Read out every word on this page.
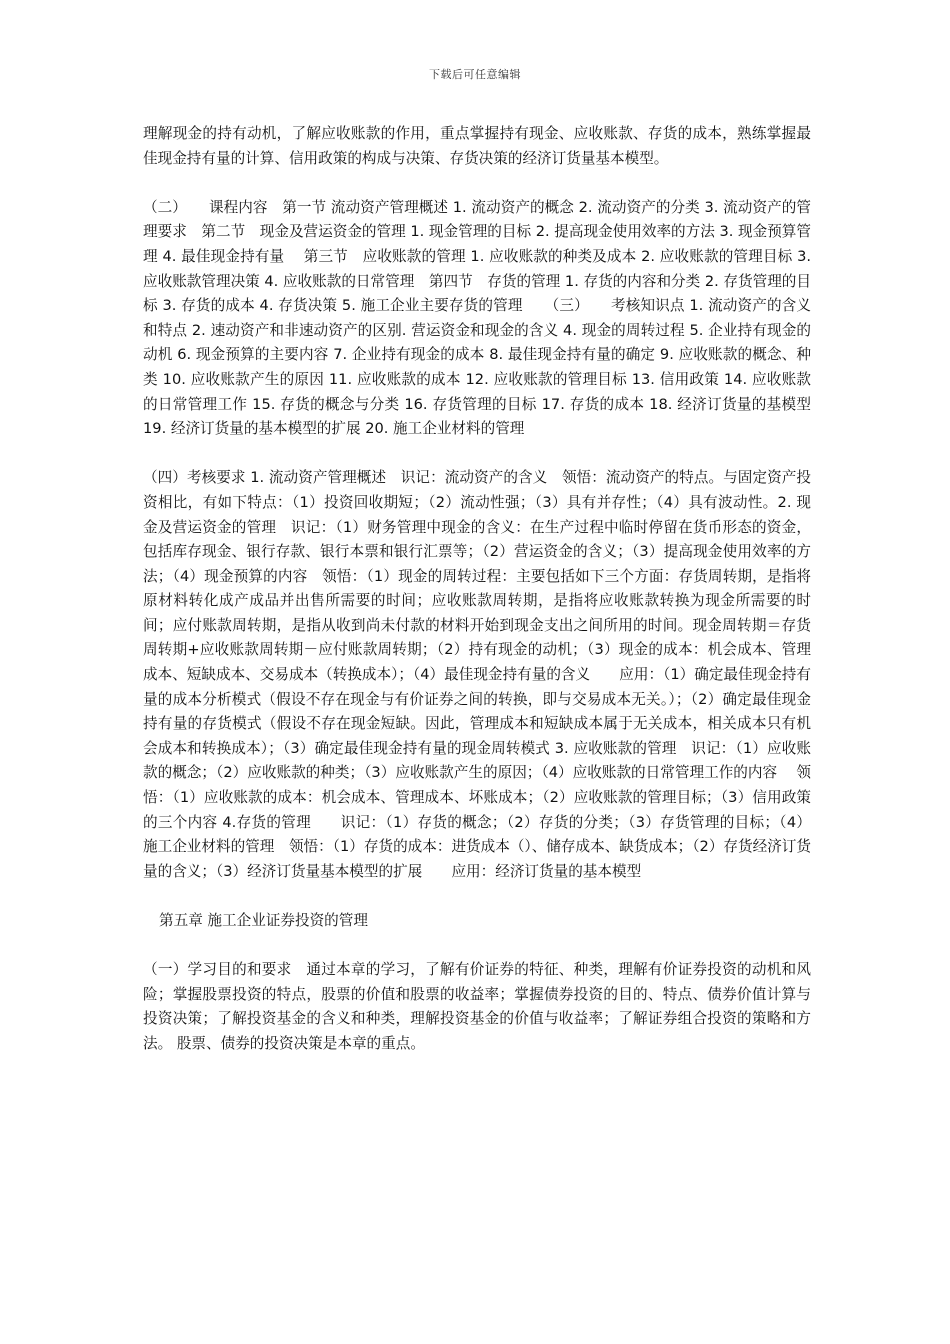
下载后可任意编辑

理解现金的持有动机，了解应收账款的作用，重点掌握持有现金、应收账款、存货的成本，熟练掌握最佳现金持有量的计算、信用政策的构成与决策、存货决策的经济订货量基本模型。

（二）　　课程内容　第一节 流动资产管理概述 1. 流动资产的概念 2. 流动资产的分类 3. 流动资产的管理要求　第二节　现金及营运资金的管理 1. 现金管理的目标 2. 提高现金使用效率的方法 3. 现金预算管理 4. 最佳现金持有量　 第三节　应收账款的管理 1. 应收账款的种类及成本 2. 应收账款的管理目标 3. 应收账款管理决策 4. 应收账款的日常管理　第四节　存货的管理 1. 存货的内容和分类 2. 存货管理的目标 3. 存货的成本 4. 存货决策 5. 施工企业主要存货的管理　　（三）　　考核知识点 1. 流动资产的含义和特点 2. 速动资产和非速动资产的区别. 营运资金和现金的含义 4. 现金的周转过程 5. 企业持有现金的动机 6. 现金预算的主要内容 7. 企业持有现金的成本 8. 最佳现金持有量的确定 9. 应收账款的概念、种类 10. 应收账款产生的原因 11. 应收账款的成本 12. 应收账款的管理目标 13. 信用政策 14. 应收账款的日常管理工作 15. 存货的概念与分类 16. 存货管理的目标 17. 存货的成本 18. 经济订货量的基模型 19. 经济订货量的基本模型的扩展 20. 施工企业材料的管理

（四）考核要求 1. 流动资产管理概述　识记：流动资产的含义　领悟：流动资产的特点。与固定资产投资相比，有如下特点：（1）投资回收期短；（2）流动性强；（3）具有并存性；（4）具有波动性。2. 现金及营运资金的管理　识记：（1）财务管理中现金的含义：在生产过程中临时停留在货币形态的资金，包括库存现金、银行存款、银行本票和银行汇票等；（2）营运资金的含义；（3）提高现金使用效率的方法；（4）现金预算的内容　领悟：（1）现金的周转过程：主要包括如下三个方面：存货周转期，是指将原材料转化成产成品并出售所需要的时间；应收账款周转期，是指将应收账款转换为现金所需要的时间；应付账款周转期，是指从收到尚未付款的材料开始到现金支出之间所用的时间。现金周转期＝存货周转期+应收账款周转期－应付账款周转期；（2）持有现金的动机；（3）现金的成本：机会成本、管理成本、短缺成本、交易成本（转换成本）；（4）最佳现金持有量的含义　　应用：（1）确定最佳现金持有量的成本分析模式（假设不存在现金与有价证券之间的转换，即与交易成本无关。）；（2）确定最佳现金持有量的存货模式（假设不存在现金短缺。因此，管理成本和短缺成本属于无关成本，相关成本只有机会成本和转换成本）；（3）确定最佳现金持有量的现金周转模式 3. 应收账款的管理　识记：（1）应收账款的概念；（2）应收账款的种类；（3）应收账款产生的原因；（4）应收账款的日常管理工作的内容　 领悟：（1）应收账款的成本：机会成本、管理成本、坏账成本；（2）应收账款的管理目标；（3）信用政策的三个内容 4.存货的管理　　识记：（1）存货的概念；（2）存货的分类；（3）存货管理的目标；（4）施工企业材料的管理　领悟：（1）存货的成本：进货成本（）、储存成本、缺货成本；（2）存货经济订货量的含义；（3）经济订货量基本模型的扩展　　应用：经济订货量的基本模型

第五章 施工企业证券投资的管理

（一）学习目的和要求　通过本章的学习，了解有价证券的特征、种类，理解有价证券投资的动机和风险；掌握股票投资的特点，股票的价值和股票的收益率；掌握债券投资的目的、特点、债券价值计算与投资决策；了解投资基金的含义和种类，理解投资基金的价值与收益率；了解证券组合投资的策略和方法。 股票、债券的投资决策是本章的重点。
